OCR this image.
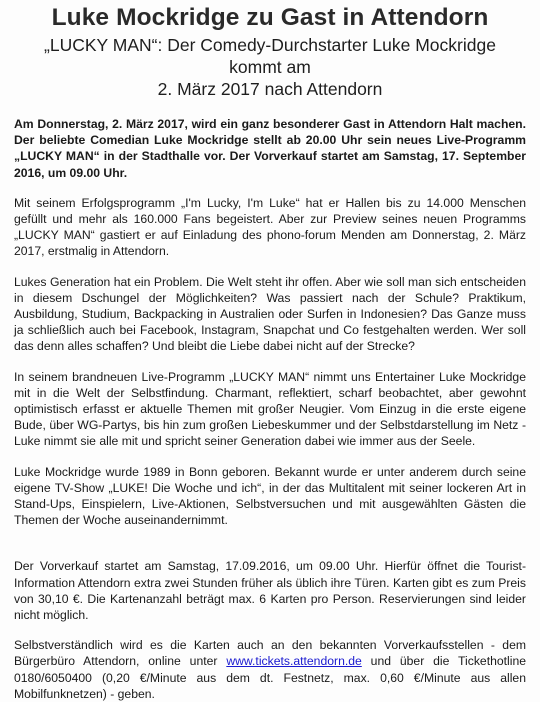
Luke Mockridge zu Gast in Attendorn
„LUCKY MAN“: Der Comedy-Durchstarter Luke Mockridge
kommt am
2. März 2017 nach Attendorn

Am Donnerstag, 2. März 2017, wird ein ganz besonderer Gast in Attendorn Halt machen. Der beliebte Comedian Luke Mockridge stellt ab 20.00 Uhr sein neues Live-Programm „LUCKY MAN“ in der Stadthalle vor. Der Vorverkauf startet am Samstag, 17. September 2016, um 09.00 Uhr.

Mit seinem Erfolgsprogramm „I'm Lucky, I'm Luke“ hat er Hallen bis zu 14.000 Menschen gefüllt und mehr als 160.000 Fans begeistert. Aber zur Preview seines neuen Programms „LUCKY MAN“ gastiert er auf Einladung des phono-forum Menden am Donnerstag, 2. März 2017, erstmalig in Attendorn.

Lukes Generation hat ein Problem. Die Welt steht ihr offen. Aber wie soll man sich entscheiden in diesem Dschungel der Möglichkeiten? Was passiert nach der Schule? Praktikum, Ausbildung, Studium, Backpacking in Australien oder Surfen in Indonesien? Das Ganze muss ja schließlich auch bei Facebook, Instagram, Snapchat und Co festgehalten werden. Wer soll das denn alles schaffen? Und bleibt die Liebe dabei nicht auf der Strecke?

In seinem brandneuen Live-Programm „LUCKY MAN“ nimmt uns Entertainer Luke Mockridge mit in die Welt der Selbstfindung. Charmant, reflektiert, scharf beobachtet, aber gewohnt optimistisch erfasst er aktuelle Themen mit großer Neugier. Vom Einzug in die erste eigene Bude, über WG-Partys, bis hin zum großen Liebeskummer und der Selbstdarstellung im Netz - Luke nimmt sie alle mit und spricht seiner Generation dabei wie immer aus der Seele.

Luke Mockridge wurde 1989 in Bonn geboren. Bekannt wurde er unter anderem durch seine eigene TV-Show „LUKE! Die Woche und ich“, in der das Multitalent mit seiner lockeren Art in Stand-Ups, Einspielern, Live-Aktionen, Selbstversuchen und mit ausgewählten Gästen die Themen der Woche auseinandernimmt.

Der Vorverkauf startet am Samstag, 17.09.2016, um 09.00 Uhr. Hierfür öffnet die Tourist-Information Attendorn extra zwei Stunden früher als üblich ihre Türen. Karten gibt es zum Preis von 30,10 €. Die Kartenanzahl beträgt max. 6 Karten pro Person. Reservierungen sind leider nicht möglich.

Selbstverständlich wird es die Karten auch an den bekannten Vorverkaufsstellen - dem Bürgerbüro Attendorn, online unter www.tickets.attendorn.de und über die Tickethotline 0180/6050400 (0,20 €/Minute aus dem dt. Festnetz, max. 0,60 €/Minute aus allen Mobilfunknetzen) - geben.
